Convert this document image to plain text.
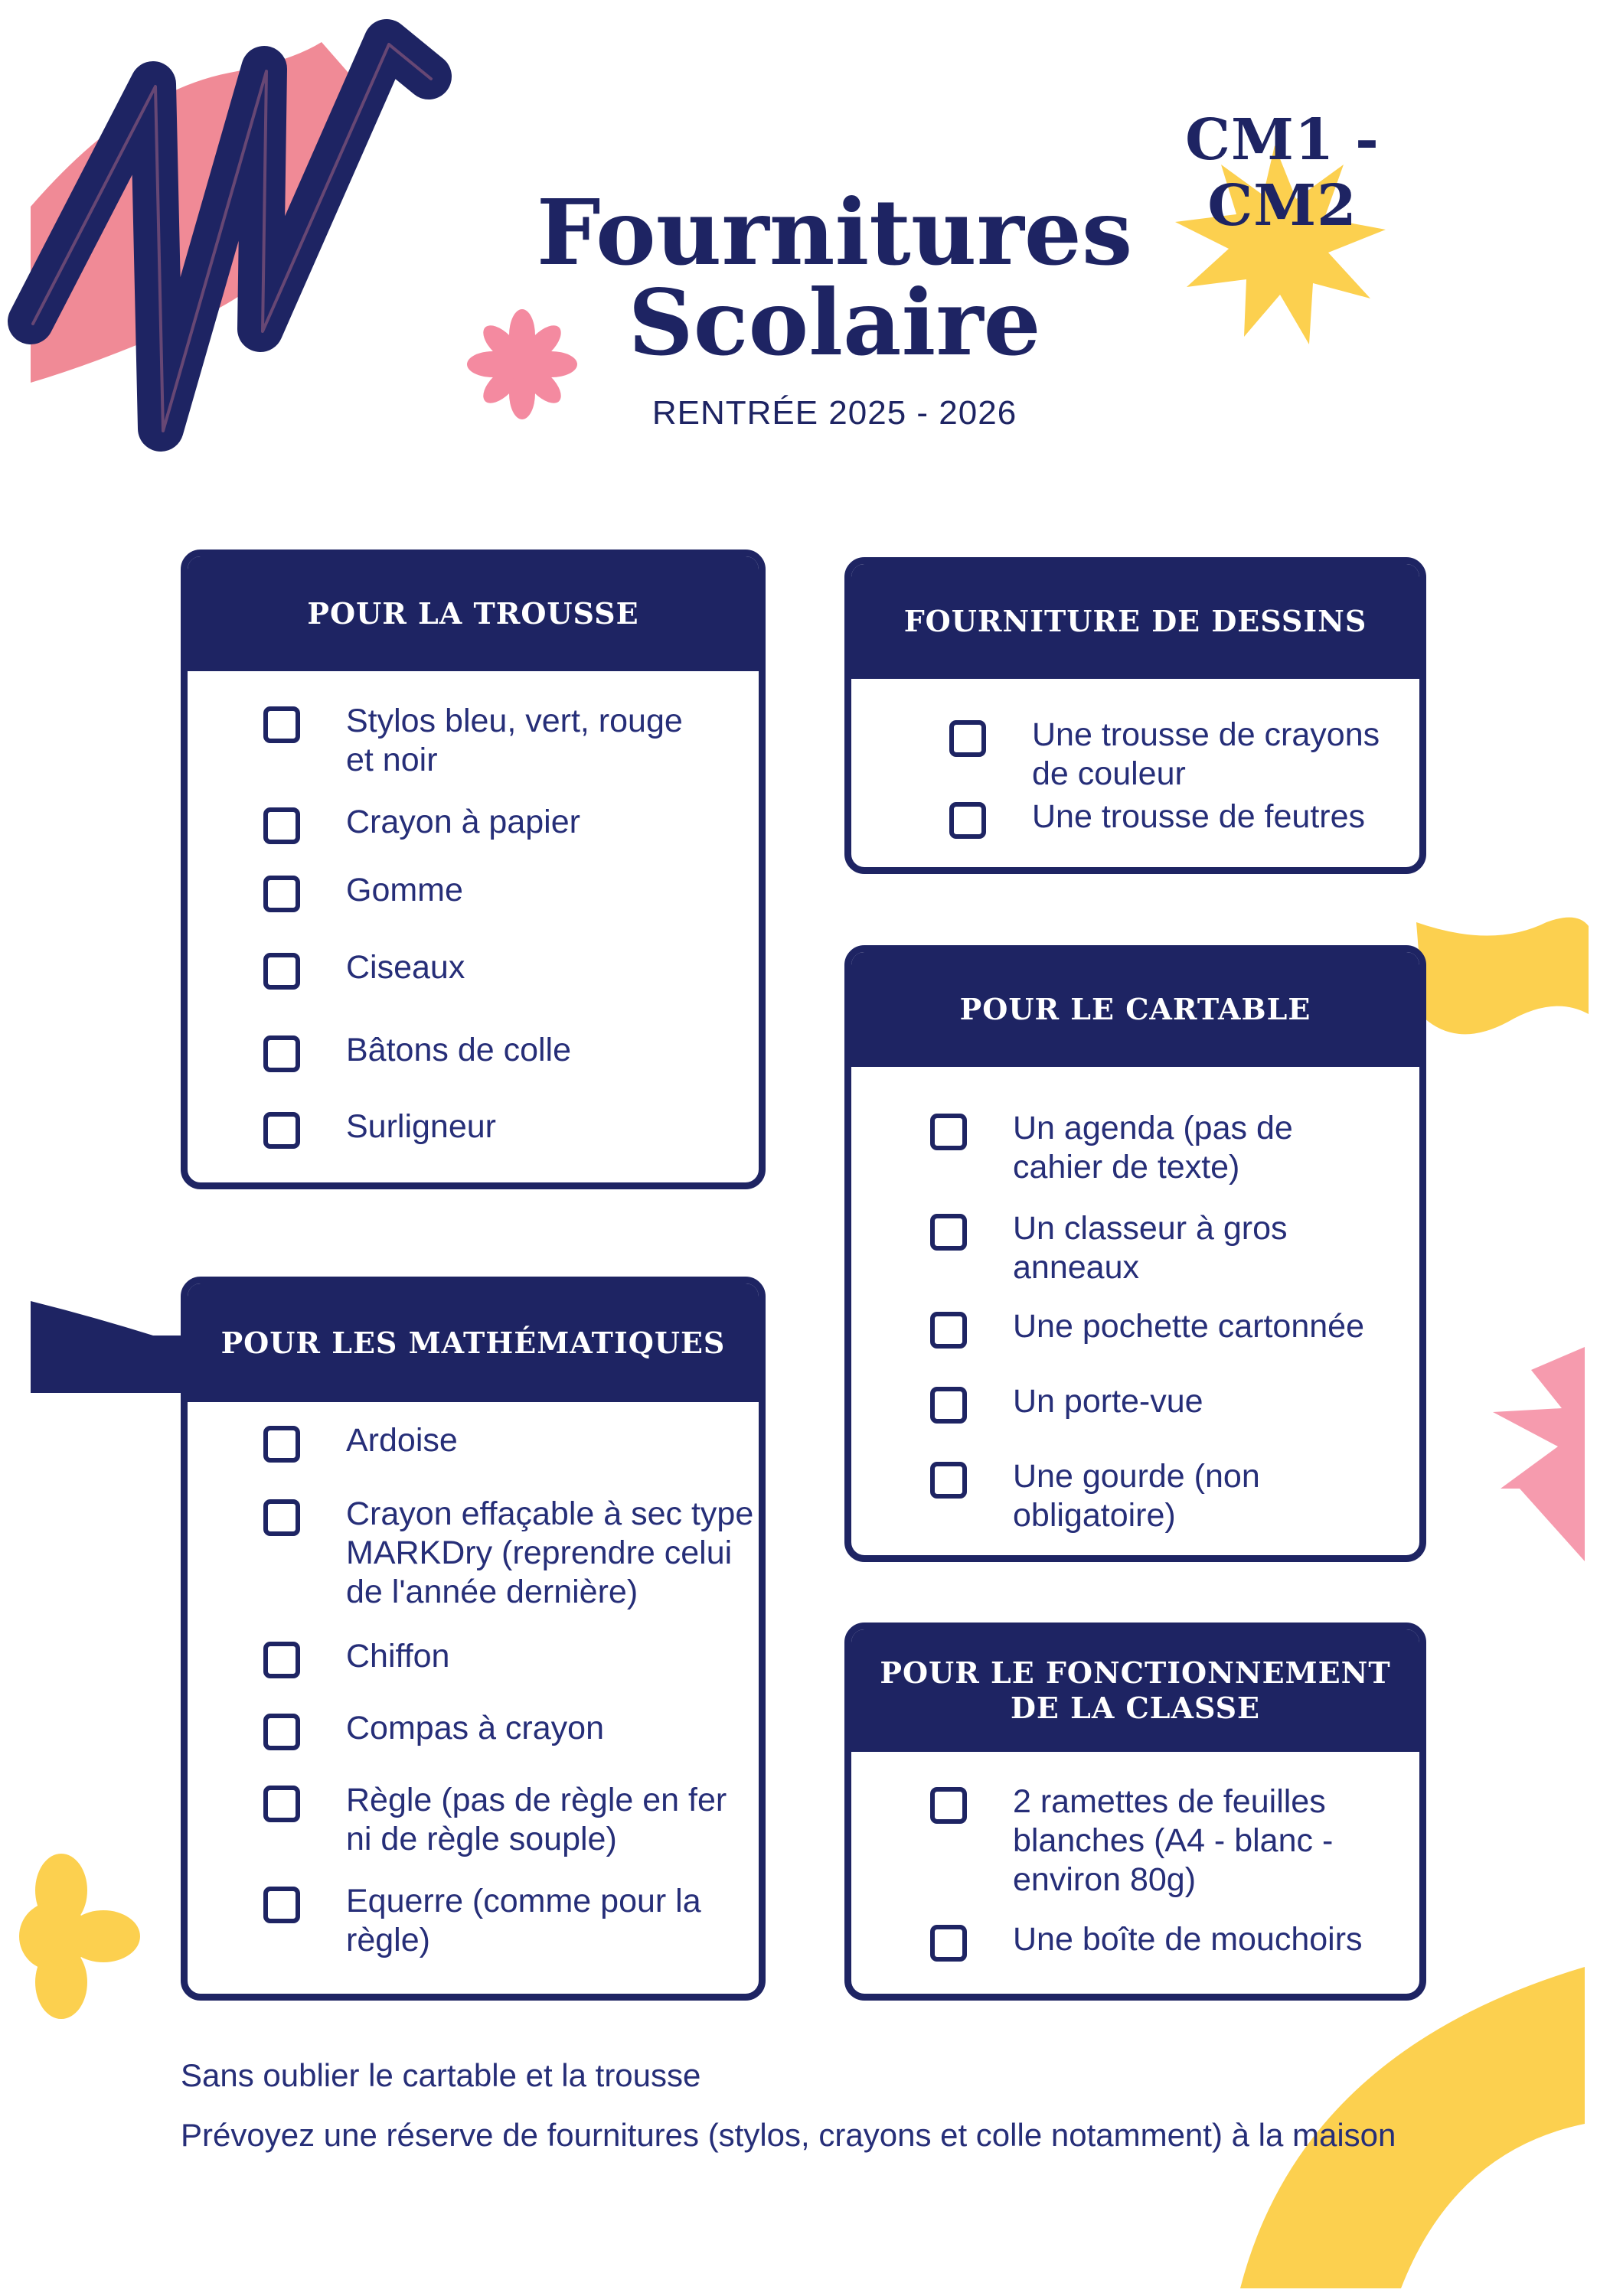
CM1 - CM2
Fournitures
Scolaire
RENTRÉE 2025 - 2026
POUR LA TROUSSE
Stylos bleu, vert, rouge et noir
Crayon à papier
Gomme
Ciseaux
Bâtons de colle
Surligneur
POUR LES MATHÉMATIQUES
Ardoise
Crayon effaçable à sec type MARKDry (reprendre celui de l'année dernière)
Chiffon
Compas à crayon
Règle (pas de règle en fer ni de règle souple)
Equerre (comme pour la règle)
FOURNITURE DE DESSINS
Une trousse de crayons de couleur
Une trousse de feutres
POUR LE CARTABLE
Un agenda (pas de cahier de texte)
Un classeur à gros anneaux
Une pochette cartonnée
Un porte-vue
Une gourde (non obligatoire)
POUR LE FONCTIONNEMENT DE LA CLASSE
2 ramettes de feuilles blanches (A4 - blanc - environ 80g)
Une boîte de mouchoirs
Sans oublier le cartable et la trousse
Prévoyez une réserve de fournitures (stylos, crayons et colle notamment) à la maison
